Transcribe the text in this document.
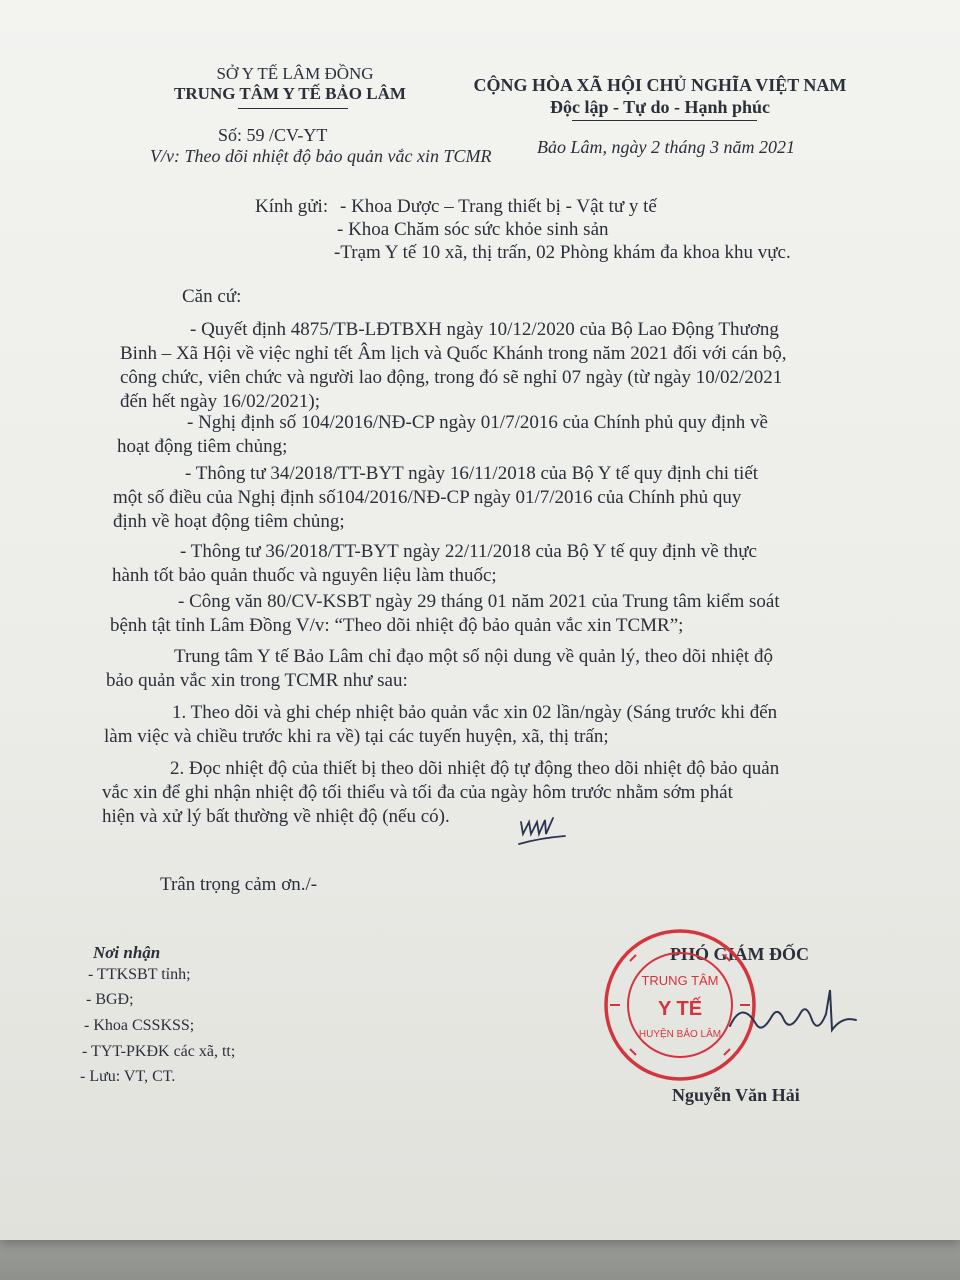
SỞ Y TẾ LÂM ĐỒNG
TRUNG TÂM Y TẾ BẢO LÂM
Số: 59 /CV-YT
V/v: Theo dõi nhiệt độ bảo quản vắc xin TCMR
CỘNG HÒA XÃ HỘI CHỦ NGHĨA VIỆT NAM
Độc lập - Tự do - Hạnh phúc
Bảo Lâm, ngày 2 tháng 3 năm 2021
Kính gửi: - Khoa Dược – Trang thiết bị - Vật tư y tế
- Khoa Chăm sóc sức khỏe sinh sản
-Trạm Y tế 10 xã, thị trấn, 02 Phòng khám đa khoa khu vực.
Căn cứ:
- Quyết định 4875/TB-LĐTBXH ngày 10/12/2020 của Bộ Lao Động Thương
Binh – Xã Hội về việc nghỉ tết Âm lịch và Quốc Khánh trong năm 2021 đối với cán bộ,
công chức, viên chức và người lao động, trong đó sẽ nghỉ 07 ngày (từ ngày 10/02/2021
đến hết ngày 16/02/2021);
- Nghị định số 104/2016/NĐ-CP ngày 01/7/2016 của Chính phủ quy định về
hoạt động tiêm chủng;
- Thông tư 34/2018/TT-BYT ngày 16/11/2018 của Bộ Y tế quy định chi tiết
một số điều của Nghị định số104/2016/NĐ-CP ngày 01/7/2016 của Chính phủ quy
định về hoạt động tiêm chủng;
- Thông tư 36/2018/TT-BYT ngày 22/11/2018 của Bộ Y tế quy định về thực
hành tốt bảo quản thuốc và nguyên liệu làm thuốc;
- Công văn 80/CV-KSBT ngày 29 tháng 01 năm 2021 của Trung tâm kiểm soát
bệnh tật tỉnh Lâm Đồng V/v: “Theo dõi nhiệt độ bảo quản vắc xin TCMR”;
Trung tâm Y tế Bảo Lâm chỉ đạo một số nội dung về quản lý, theo dõi nhiệt độ
bảo quản vắc xin trong TCMR như sau:
1. Theo dõi và ghi chép nhiệt bảo quản vắc xin 02 lần/ngày (Sáng trước khi đến
làm việc và chiều trước khi ra về) tại các tuyến huyện, xã, thị trấn;
2. Đọc nhiệt độ của thiết bị theo dõi nhiệt độ tự động theo dõi nhiệt độ bảo quản
vắc xin để ghi nhận nhiệt độ tối thiểu và tối đa của ngày hôm trước nhằm sớm phát
hiện và xử lý bất thường về nhiệt độ (nếu có).
Trân trọng cảm ơn./-
Nơi nhận
- TTKSBT tỉnh;
- BGĐ;
- Khoa CSSKSS;
- TYT-PKĐK các xã, tt;
- Lưu: VT, CT.
PHÓ GIÁM ĐỐC
TRUNG TÂM
Y TẾ
HUYỆN BẢO LÂM
Nguyễn Văn Hải
